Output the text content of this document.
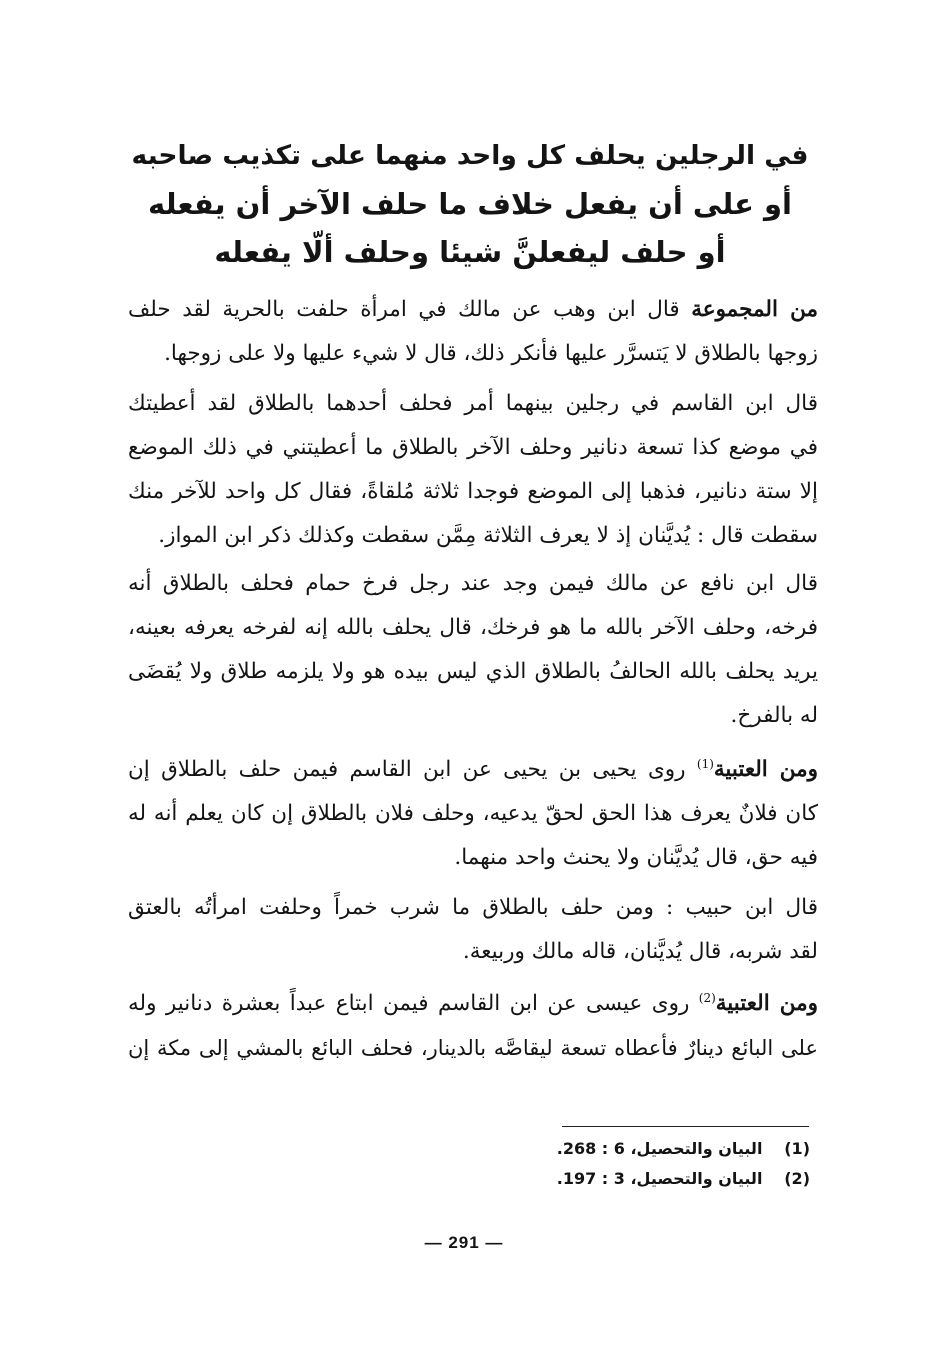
في الرجلين يحلف كل واحد منهما على تكذيب صاحبه
أو على أن يفعل خلاف ما حلف الآخر أن يفعله
أو حلف ليفعلنَّ شيئا وحلف ألّا يفعله
من المجموعة قال ابن وهب عن مالك في امرأة حلفت بالحرية لقد حلف
زوجها بالطلاق لا يَتسرَّر عليها فأنكر ذلك، قال لا شيء عليها ولا على زوجها.
قال ابن القاسم في رجلين بينهما أمر فحلف أحدهما بالطلاق لقد أعطيتك
في موضع كذا تسعة دنانير وحلف الآخر بالطلاق ما أعطيتني في ذلك الموضع
إلا ستة دنانير، فذهبا إلى الموضع فوجدا ثلاثة مُلقاةً، فقال كل واحد للآخر منك
سقطت قال : يُديَّنان إذ لا يعرف الثلاثة مِمَّن سقطت وكذلك ذكر ابن المواز.
قال ابن نافع عن مالك فيمن وجد عند رجل فرخ حمام فحلف بالطلاق أنه
فرخه، وحلف الآخر بالله ما هو فرخك، قال يحلف بالله إنه لفرخه يعرفه بعينه،
يريد يحلف بالله الحالفُ بالطلاق الذي ليس بيده هو ولا يلزمه طلاق ولا يُقضَى
له بالفرخ.
ومن العتبية$^{(1)}$ روى يحيى بن يحيى عن ابن القاسم فيمن حلف بالطلاق إن
كان فلانٌ يعرف هذا الحق لحقّ يدعيه، وحلف فلان بالطلاق إن كان يعلم أنه له
فيه حق، قال يُديَّنان ولا يحنث واحد منهما.
قال ابن حبيب : ومن حلف بالطلاق ما شرب خمراً وحلفت امرأتُه بالعتق
لقد شربه، قال يُديَّنان، قاله مالك وربيعة.
ومن العتبية$^{(2)}$ روى عيسى عن ابن القاسم فيمن ابتاع عبداً بعشرة دنانير وله
على البائع دينارٌ فأعطاه تسعة ليقاصَّه بالدينار، فحلف البائع بالمشي إلى مكة إن
(1) البيان والتحصيل، 6 : 268.
(2) البيان والتحصيل، 3 : 197.
— 291 —
